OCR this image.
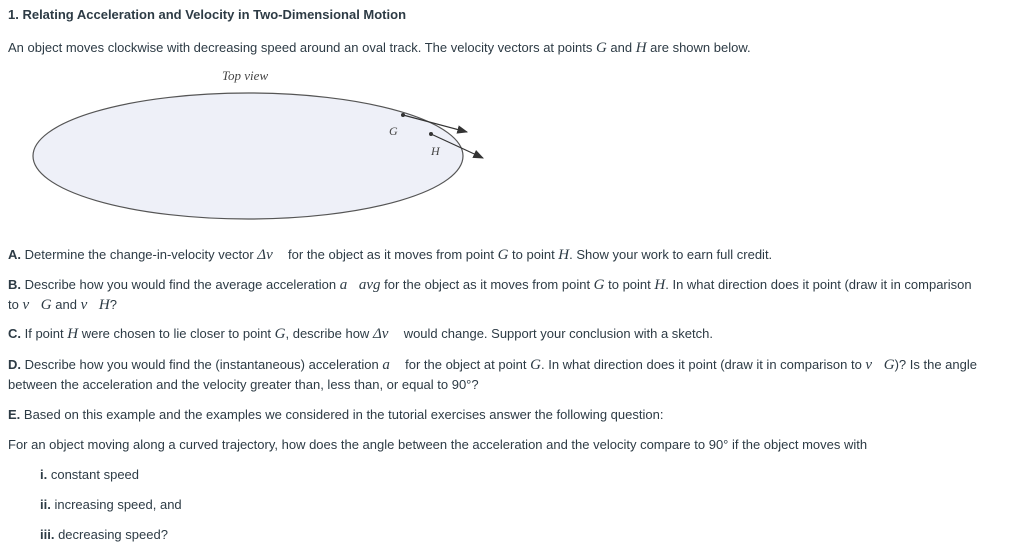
1. Relating Acceleration and Velocity in Two-Dimensional Motion
An object moves clockwise with decreasing speed around an oval track. The velocity vectors at points G and H are shown below.
Top view
G
H
A. Determine the change-in-velocity vector Δv⃗ for the object as it moves from point G to point H. Show your work to earn full credit.
B. Describe how you would find the average acceleration a⃗avg for the object as it moves from point G to point H. In what direction does it point (draw it in comparison
to v⃗G and v⃗H?
C. If point H were chosen to lie closer to point G, describe how Δv⃗ would change. Support your conclusion with a sketch.
D. Describe how you would find the (instantaneous) acceleration a⃗ for the object at point G. In what direction does it point (draw it in comparison to v⃗G)? Is the angle
between the acceleration and the velocity greater than, less than, or equal to 90°?
E. Based on this example and the examples we considered in the tutorial exercises answer the following question:
For an object moving along a curved trajectory, how does the angle between the acceleration and the velocity compare to 90° if the object moves with
i. constant speed
ii. increasing speed, and
iii. decreasing speed?
